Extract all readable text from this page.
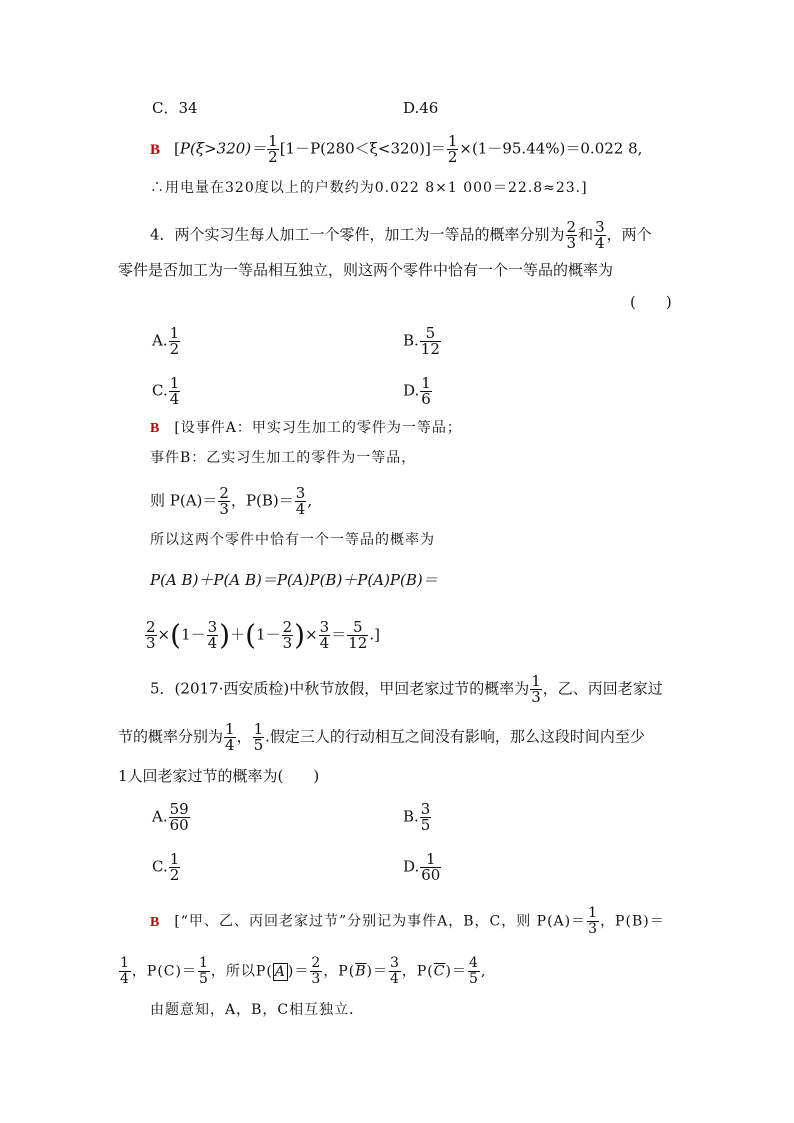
C．34	D.46
B [$P(\xi>320)= \frac{1}{2} [1-P(280<\xi<320)]= \frac{1}{2} \times(1-95.44\%)=0.022$ 8,
∴用电量在320度以上的户数约为0.022 8×1 000＝22.8≈23.]
4．两个实习生每人加工一个零件，加工为一等品的概率分别为 $\frac{2}{3}$ 和 $\frac{3}{4}$ ，两个
零件是否加工为一等品相互独立，则这两个零件中恰有一个一等品的概率为
(　　)
A. $\frac{1}{2}$	B. $\frac{5}{12}$
C. $\frac{1}{4}$	D. $\frac{1}{6}$
B [设事件A：甲实习生加工的零件为一等品；
事件B：乙实习生加工的零件为一等品，
则 $P(A)= \frac{2}{3}$ ，$P(B)= \frac{3}{4}$ ,
所以这两个零件中恰有一个一等品的概率为
P(A B)＋P(A B)＝P(A)P(B)＋P(A)P(B)＝
$\frac{2}{3} \times(1- \frac{3}{4} )+(1- \frac{2}{3}$ )× $\frac{3}{4} = \frac{5}{12}$ .]
5．(2017·西安质检)中秋节放假，甲回老家过节的概率为 $\frac{1}{3}$ ，乙、丙回老家过
节的概率分别为 $\frac{1}{4}$ ， $\frac{1}{5}$ .假定三人的行动相互之间没有影响，那么这段时间内至少
1人回老家过节的概率为(　　)
A. $\frac{59}{60}$	B. $\frac{3}{5}$
C. $\frac{1}{2}$	D. $\frac{1}{60}$
B [“甲、乙、丙回老家过节”分别记为事件A，B，C，则 $P(A)= \frac{1}{3}$ ，P(B)＝
$\frac{1}{4}$ ，$P(C)= \frac{1}{5}$ ，所以P( A )＝ $\frac{2}{3}$ ，$P(\overline{B})= \frac{3}{4}$ ，$P(\overline{C})= \frac{4}{5}$ ,
由题意知，A，B，C相互独立．
